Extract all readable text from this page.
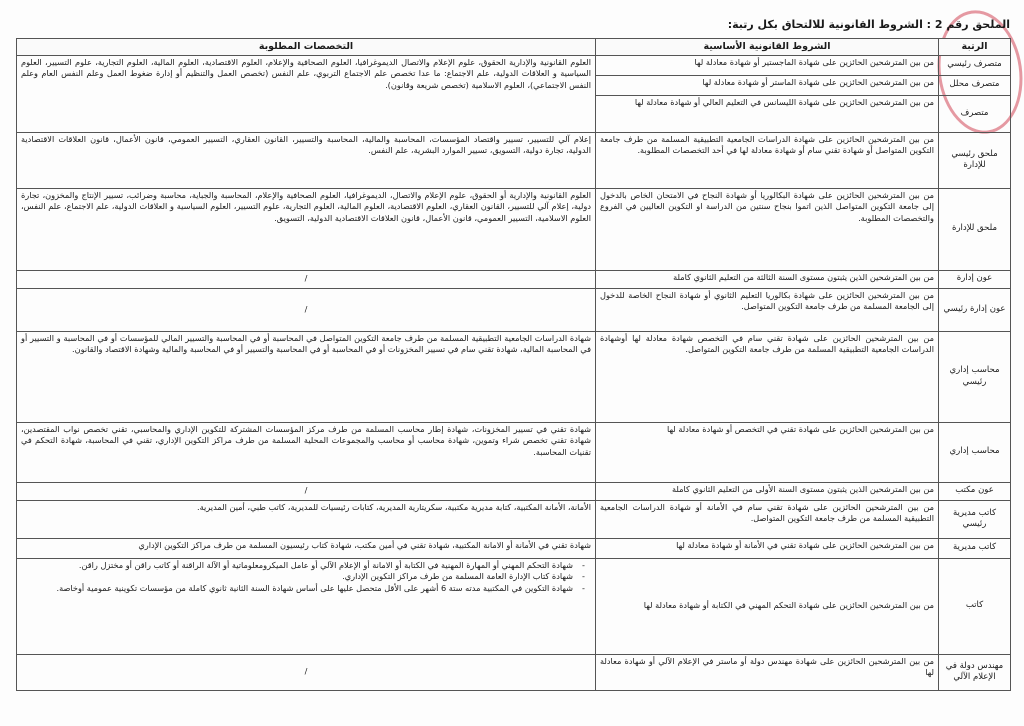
الملحق رقم 2 : الشروط القانونية للالتحاق بكل رتبة:
الرتبة	الشروط القانونية الأساسية	التخصصات المطلوبة
متصرف رئيسي	من بين المترشحين الحائزين على شهادة الماجستير أو شهادة معادلة لها	العلوم القانونية والإدارية الحقوق، علوم الإعلام والاتصال الديموغرافيا، العلوم الصحافية والإعلام، العلوم الاقتصادية، العلوم المالية، العلوم التجارية، علوم التسيير، العلوم السياسية و العلاقات الدولية، علم الاجتماع: ما عدا تخصص علم الاجتماع التربوي، علم النفس (تخصص العمل والتنظيم أو إدارة ضغوط العمل وعلم النفس العام وعلم النفس الاجتماعي)، العلوم الاسلامية (تخصص شريعة وقانون).
متصرف محلل	من بين المترشحين الحائزين على شهادة الماستر أو شهادة معادلة لها	
متصرف	من بين المترشحين الحائزين على شهادة الليسانس في التعليم العالي أو شهادة معادلة لها	
ملحق رئيسي للإدارة	من بين المترشحين الحائزين على شهادة الدراسات الجامعية التطبيقية المسلمة من طرف جامعة التكوين المتواصل أو شهادة تقني سام أو شهادة معادلة لها في أحد التخصصات المطلوبة.	إعلام آلي للتسيير، تسيير واقتصاد المؤسسات، المحاسبة والمالية، المحاسبة والتسيير، القانون العقاري، التسيير العمومي، قانون الأعمال، قانون العلاقات الاقتصادية الدولية، تجارة دولية، التسويق، تسيير الموارد البشرية، علم النفس.
ملحق للإدارة	من بين المترشحين الحائزين على شهادة البكالوريا أو شهادة النجاح في الامتحان الخاص بالدخول إلى جامعة التكوين المتواصل الذين اتموا بنجاح سنتين من الدراسة او التكوين العاليين في الفروع والتخصصات المطلوبة.	العلوم القانونية والإدارية أو الحقوق، علوم الإعلام والاتصال، الديموغرافيا، العلوم الصحافية والإعلام، المحاسبة والجباية، محاسبة وضرائب، تسيير الإنتاج والمخزون، تجارة دولية، إعلام آلي للتسيير، القانون العقاري، العلوم الاقتصادية، العلوم المالية، العلوم التجارية، علوم التسيير، العلوم السياسية و العلاقات الدولية، علم الاجتماع، علم النفس، العلوم الاسلامية، التسيير العمومي، قانون الأعمال، قانون العلاقات الاقتصادية الدولية، التسويق.
عون إدارة	من بين المترشحين الذين يثبتون مستوى السنة الثالثة من التعليم الثانوي كاملة	/
عون إدارة رئيسي	من بين المترشحين الحائزين على شهادة بكالوريا التعليم الثانوي أو شهادة النجاح الخاصة للدخول إلى الجامعة المسلمة من طرف جامعة التكوين المتواصل.	/
محاسب إداري رئيسي	من بين المترشحين الحائزين على شهادة تقني سام في التخصص شهادة معادلة لها أوشهادة الدراسات الجامعية التطبيقية المسلمة من طرف جامعة التكوين المتواصل.	شهادة الدراسات الجامعية التطبيقية المسلمة من طرف جامعة التكوين المتواصل في المحاسبة أو في المحاسبة والتسيير المالي للمؤسسات أو في المحاسبة و التسيير أو في المحاسبة المالية، شهادة تقني سام في تسيير المخزونات أو في المحاسبة أو في المحاسبة والتسيير أو في المحاسبة والمالية وشهادة الاقتصاد والقانون.
محاسب إداري	من بين المترشحين الحائزين على شهادة تقني في التخصص أو شهادة معادلة لها	شهادة تقني في تسيير المخزونات، شهادة إطار محاسب المسلمة من طرف مركز المؤسسات المشتركة للتكوين الإداري والمحاسبي، تقني تخصص نواب المقتصدين، شهادة تقني تخصص شراء وتموين، شهادة محاسب أو محاسب والمجموعات المحلية المسلمة من طرف مراكز التكوين الإداري، تقني في المحاسبة، شهادة التحكم في تقنيات المحاسبة.
عون مكتب	من بين المترشحين الذين يثبتون مستوى السنة الأولى من التعليم الثانوي كاملة	/
كاتب مديرية رئيسي	من بين المترشحين الحائزين على شهادة تقني سام في الأمانة أو شهادة الدراسات الجامعية التطبيقية المسلمة من طرف جامعة التكوين المتواصل.	الأمانة، الأمانة المكتبية، كتابة مديرية مكتبية، سكريتارية المديرية، كتابات رئيسيات للمديرية، كاتب طبي، أمين المديرية.
كاتب مديرية	من بين المترشحين الحائزين على شهادة تقني في الأمانة أو شهادة معادلة لها	شهادة تقني في الأمانة أو الامانة المكتبية، شهادة تقني في أمين مكتب، شهادة كتاب رئيسيون المسلمة من طرف مراكز التكوين الإداري
كاتب	من بين المترشحين الحائزين على شهادة التحكم المهني في الكتابة أو شهادة معادلة لها	- شهادة التحكم المهني أو المهارة المهنية في الكتابة أو الامانة أو الإعلام الآلي أو عامل الميكرومعلوماتية أو الآلة الراقنة أو كاتب راقن أو مختزل راقن.
- شهادة كتاب الإدارة العامة المسلمة من طرف مراكز التكوين الإداري.
- شهادة التكوين في المكتبية مدته ستة 6 أشهر على الأقل متحصل عليها على أساس شهادة السنة الثانية ثانوي كاملة من مؤسسات تكوينية عمومية أوخاصة.

مهندس دولة في الإعلام الآلي	من بين المترشحين الحائزين على شهادة مهندس دولة أو ماستر في الإعلام الآلي أو شهادة معادلة لها	/
